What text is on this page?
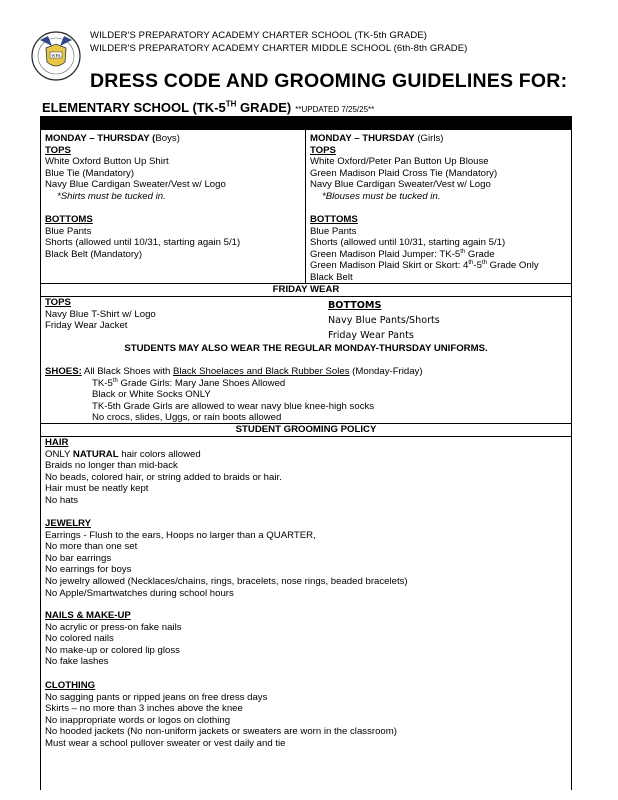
WPA
WILDER'S PREPARATORY ACADEMY CHARTER SCHOOL (TK-5th GRADE)
WILDER'S PREPARATORY ACADEMY CHARTER MIDDLE SCHOOL (6th-8th GRADE)
DRESS CODE AND GROOMING GUIDELINES FOR:
ELEMENTARY SCHOOL (TK-5TH GRADE) **UPDATED 7/25/25**
MONDAY – THURSDAY (Boys)
TOPS
White Oxford Button Up Shirt
Blue Tie (Mandatory)
Navy Blue Cardigan Sweater/Vest w/ Logo
*Shirts must be tucked in.
BOTTOMS
Blue Pants
Shorts (allowed until 10/31, starting again 5/1)
Black Belt (Mandatory)
MONDAY – THURSDAY (Girls)
TOPS
White Oxford/Peter Pan Button Up Blouse
Green Madison Plaid Cross Tie (Mandatory)
Navy Blue Cardigan Sweater/Vest w/ Logo
*Blouses must be tucked in.
BOTTOMS
Blue Pants
Shorts (allowed until 10/31, starting again 5/1)
Green Madison Plaid Jumper: TK-5th Grade
Green Madison Plaid Skirt or Skort: 4th-5th Grade Only
Black Belt
FRIDAY WEAR
TOPS
Navy Blue T-Shirt w/ Logo
Friday Wear Jacket
BOTTOMS
Navy Blue Pants/Shorts
Friday Wear Pants
STUDENTS MAY ALSO WEAR THE REGULAR MONDAY-THURSDAY UNIFORMS.
SHOES: All Black Shoes with Black Shoelaces and Black Rubber Soles (Monday-Friday)
TK-5th Grade Girls: Mary Jane Shoes Allowed
Black or White Socks ONLY
TK-5th Grade Girls are allowed to wear navy blue knee-high socks
No crocs, slides, Uggs, or rain boots allowed
STUDENT GROOMING POLICY
HAIR
ONLY NATURAL hair colors allowed
Braids no longer than mid-back
No beads, colored hair, or string added to braids or hair.
Hair must be neatly kept
No hats
JEWELRY
Earrings - Flush to the ears, Hoops no larger than a QUARTER,
No more than one set
No bar earrings
No earrings for boys
No jewelry allowed (Necklaces/chains, rings, bracelets, nose rings, beaded bracelets)
No Apple/Smartwatches during school hours
NAILS & MAKE-UP
No acrylic or press-on fake nails
No colored nails
No make-up or colored lip gloss
No fake lashes
CLOTHING
No sagging pants or ripped jeans on free dress days
Skirts – no more than 3 inches above the knee
No inappropriate words or logos on clothing
No hooded jackets (No non-uniform jackets or sweaters are worn in the classroom)
Must wear a school pullover sweater or vest daily and tie
